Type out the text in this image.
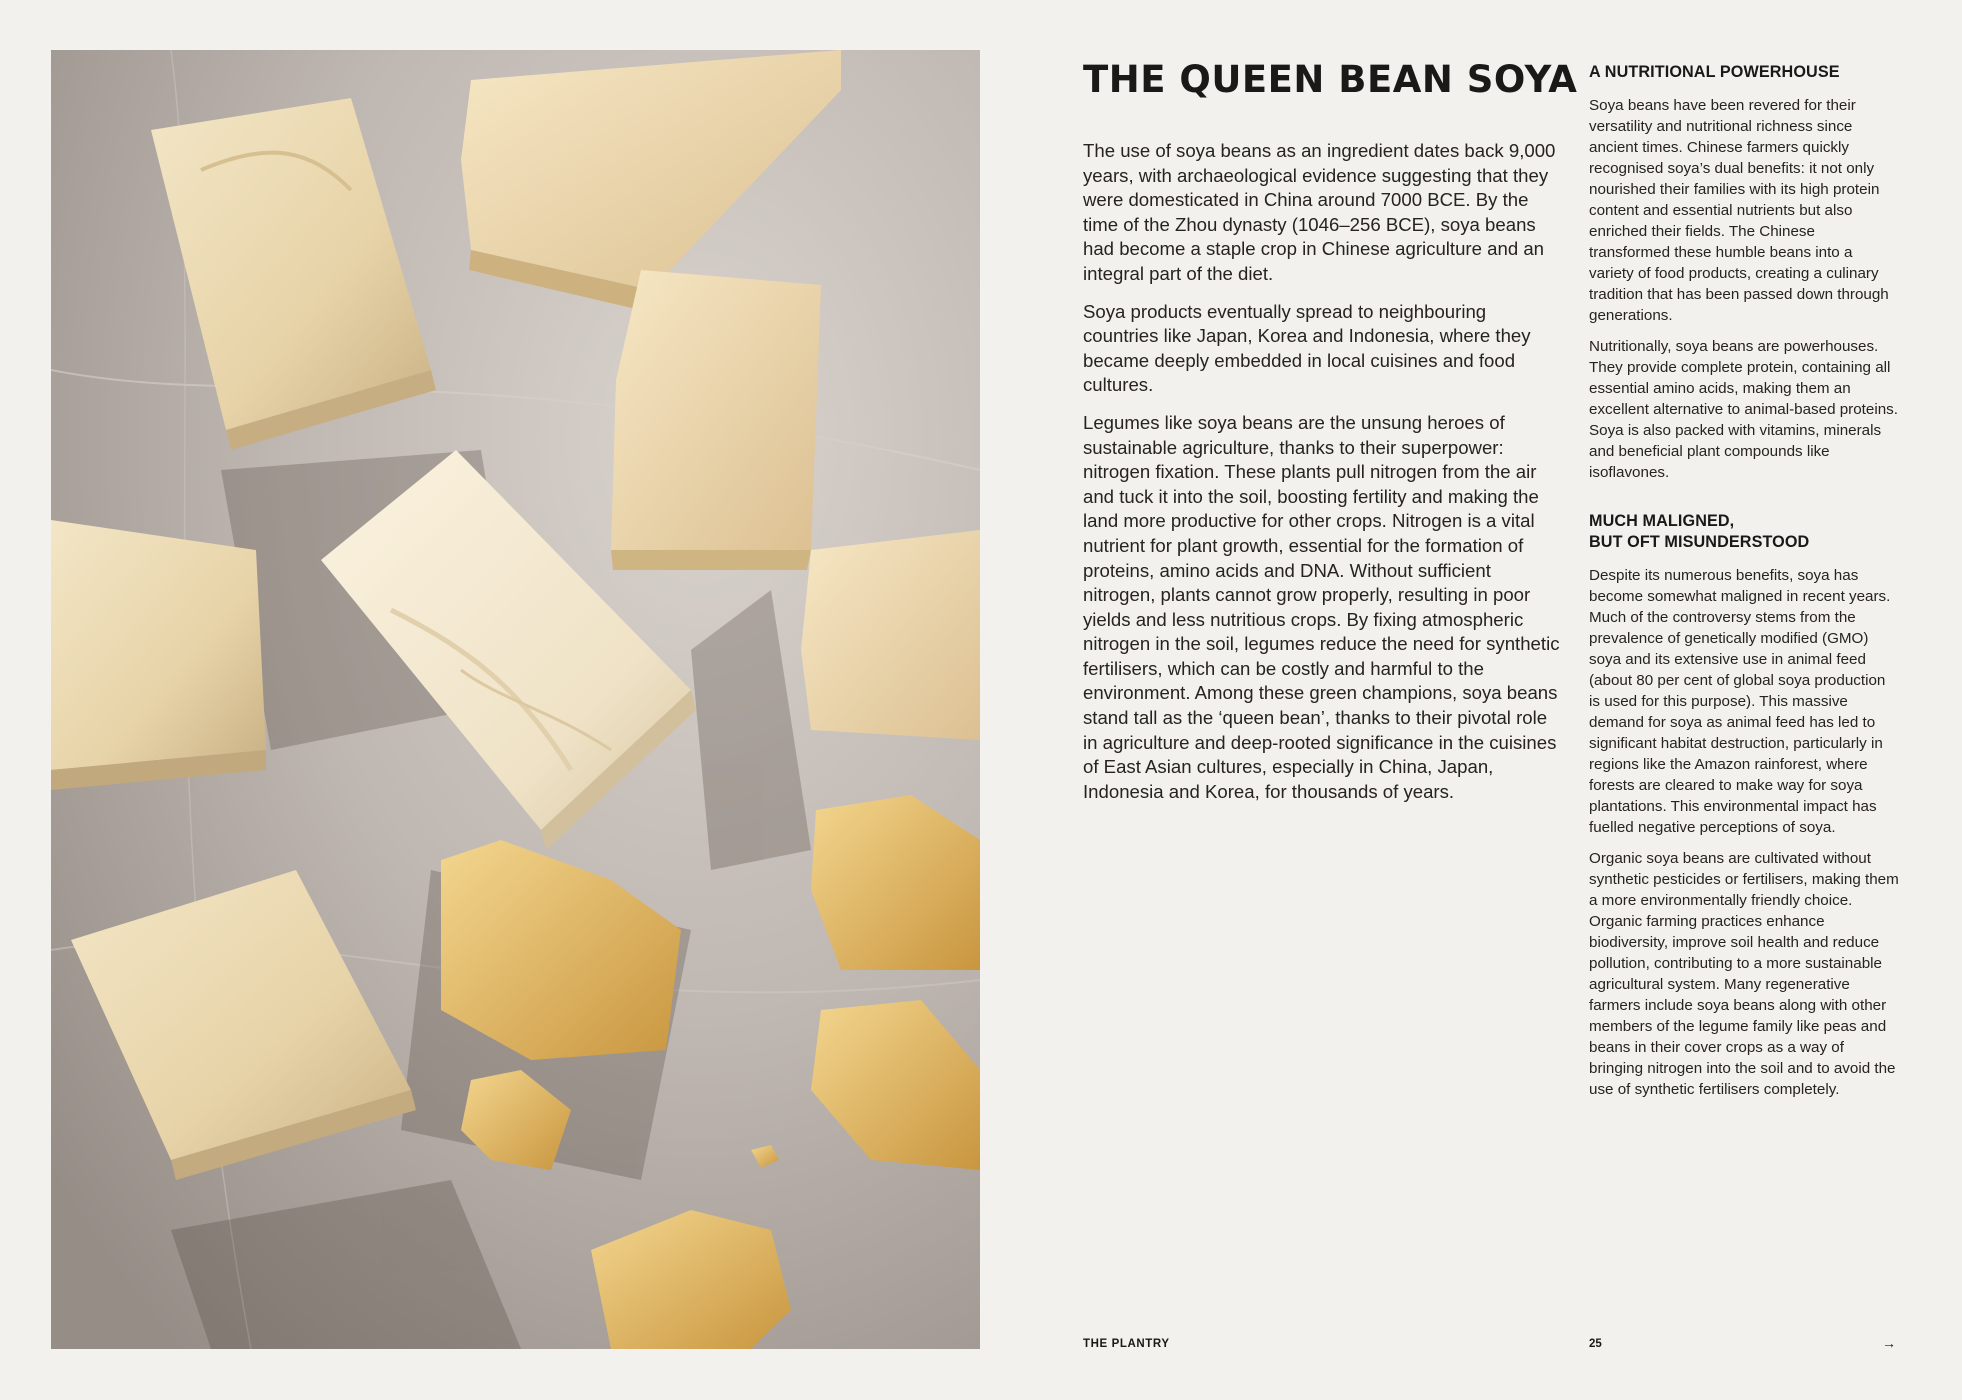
THE QUEEN BEAN SOYA

The use of soya beans as an ingredient dates back 9,000 years, with archaeological evidence suggesting that they were domesticated in China around 7000 BCE. By the time of the Zhou dynasty (1046–256 BCE), soya beans had become a staple crop in Chinese agriculture and an integral part of the diet.

Soya products eventually spread to neighbouring countries like Japan, Korea and Indonesia, where they became deeply embedded in local cuisines and food cultures.

Legumes like soya beans are the unsung heroes of sustainable agriculture, thanks to their superpower: nitrogen fixation. These plants pull nitrogen from the air and tuck it into the soil, boosting fertility and making the land more productive for other crops. Nitrogen is a vital nutrient for plant growth, essential for the formation of proteins, amino acids and DNA. Without sufficient nitrogen, plants cannot grow properly, resulting in poor yields and less nutritious crops. By fixing atmospheric nitrogen in the soil, legumes reduce the need for synthetic fertilisers, which can be costly and harmful to the environment. Among these green champions, soya beans stand tall as the ‘queen bean’, thanks to their pivotal role in agriculture and deep-rooted significance in the cuisines of East Asian cultures, especially in China, Japan, Indonesia and Korea, for thousands of years.

A NUTRITIONAL POWERHOUSE

Soya beans have been revered for their versatility and nutritional richness since ancient times. Chinese farmers quickly recognised soya’s dual benefits: it not only nourished their families with its high protein content and essential nutrients but also enriched their fields. The Chinese transformed these humble beans into a variety of food products, creating a culinary tradition that has been passed down through generations.

Nutritionally, soya beans are powerhouses. They provide complete protein, containing all essential amino acids, making them an excellent alternative to animal-based proteins. Soya is also packed with vitamins, minerals and beneficial plant compounds like isoflavones.

MUCH MALIGNED,
BUT OFT MISUNDERSTOOD

Despite its numerous benefits, soya has become somewhat maligned in recent years. Much of the controversy stems from the prevalence of genetically modified (GMO) soya and its extensive use in animal feed (about 80 per cent of global soya production is used for this purpose). This massive demand for soya as animal feed has led to significant habitat destruction, particularly in regions like the Amazon rainforest, where forests are cleared to make way for soya plantations. This environmental impact has fuelled negative perceptions of soya.

Organic soya beans are cultivated without synthetic pesticides or fertilisers, making them a more environmentally friendly choice. Organic farming practices enhance biodiversity, improve soil health and reduce pollution, contributing to a more sustainable agricultural system. Many regenerative farmers include soya beans along with other members of the legume family like peas and beans in their cover crops as a way of bringing nitrogen into the soil and to avoid the use of synthetic fertilisers completely.

THE PLANTRY	25	→
